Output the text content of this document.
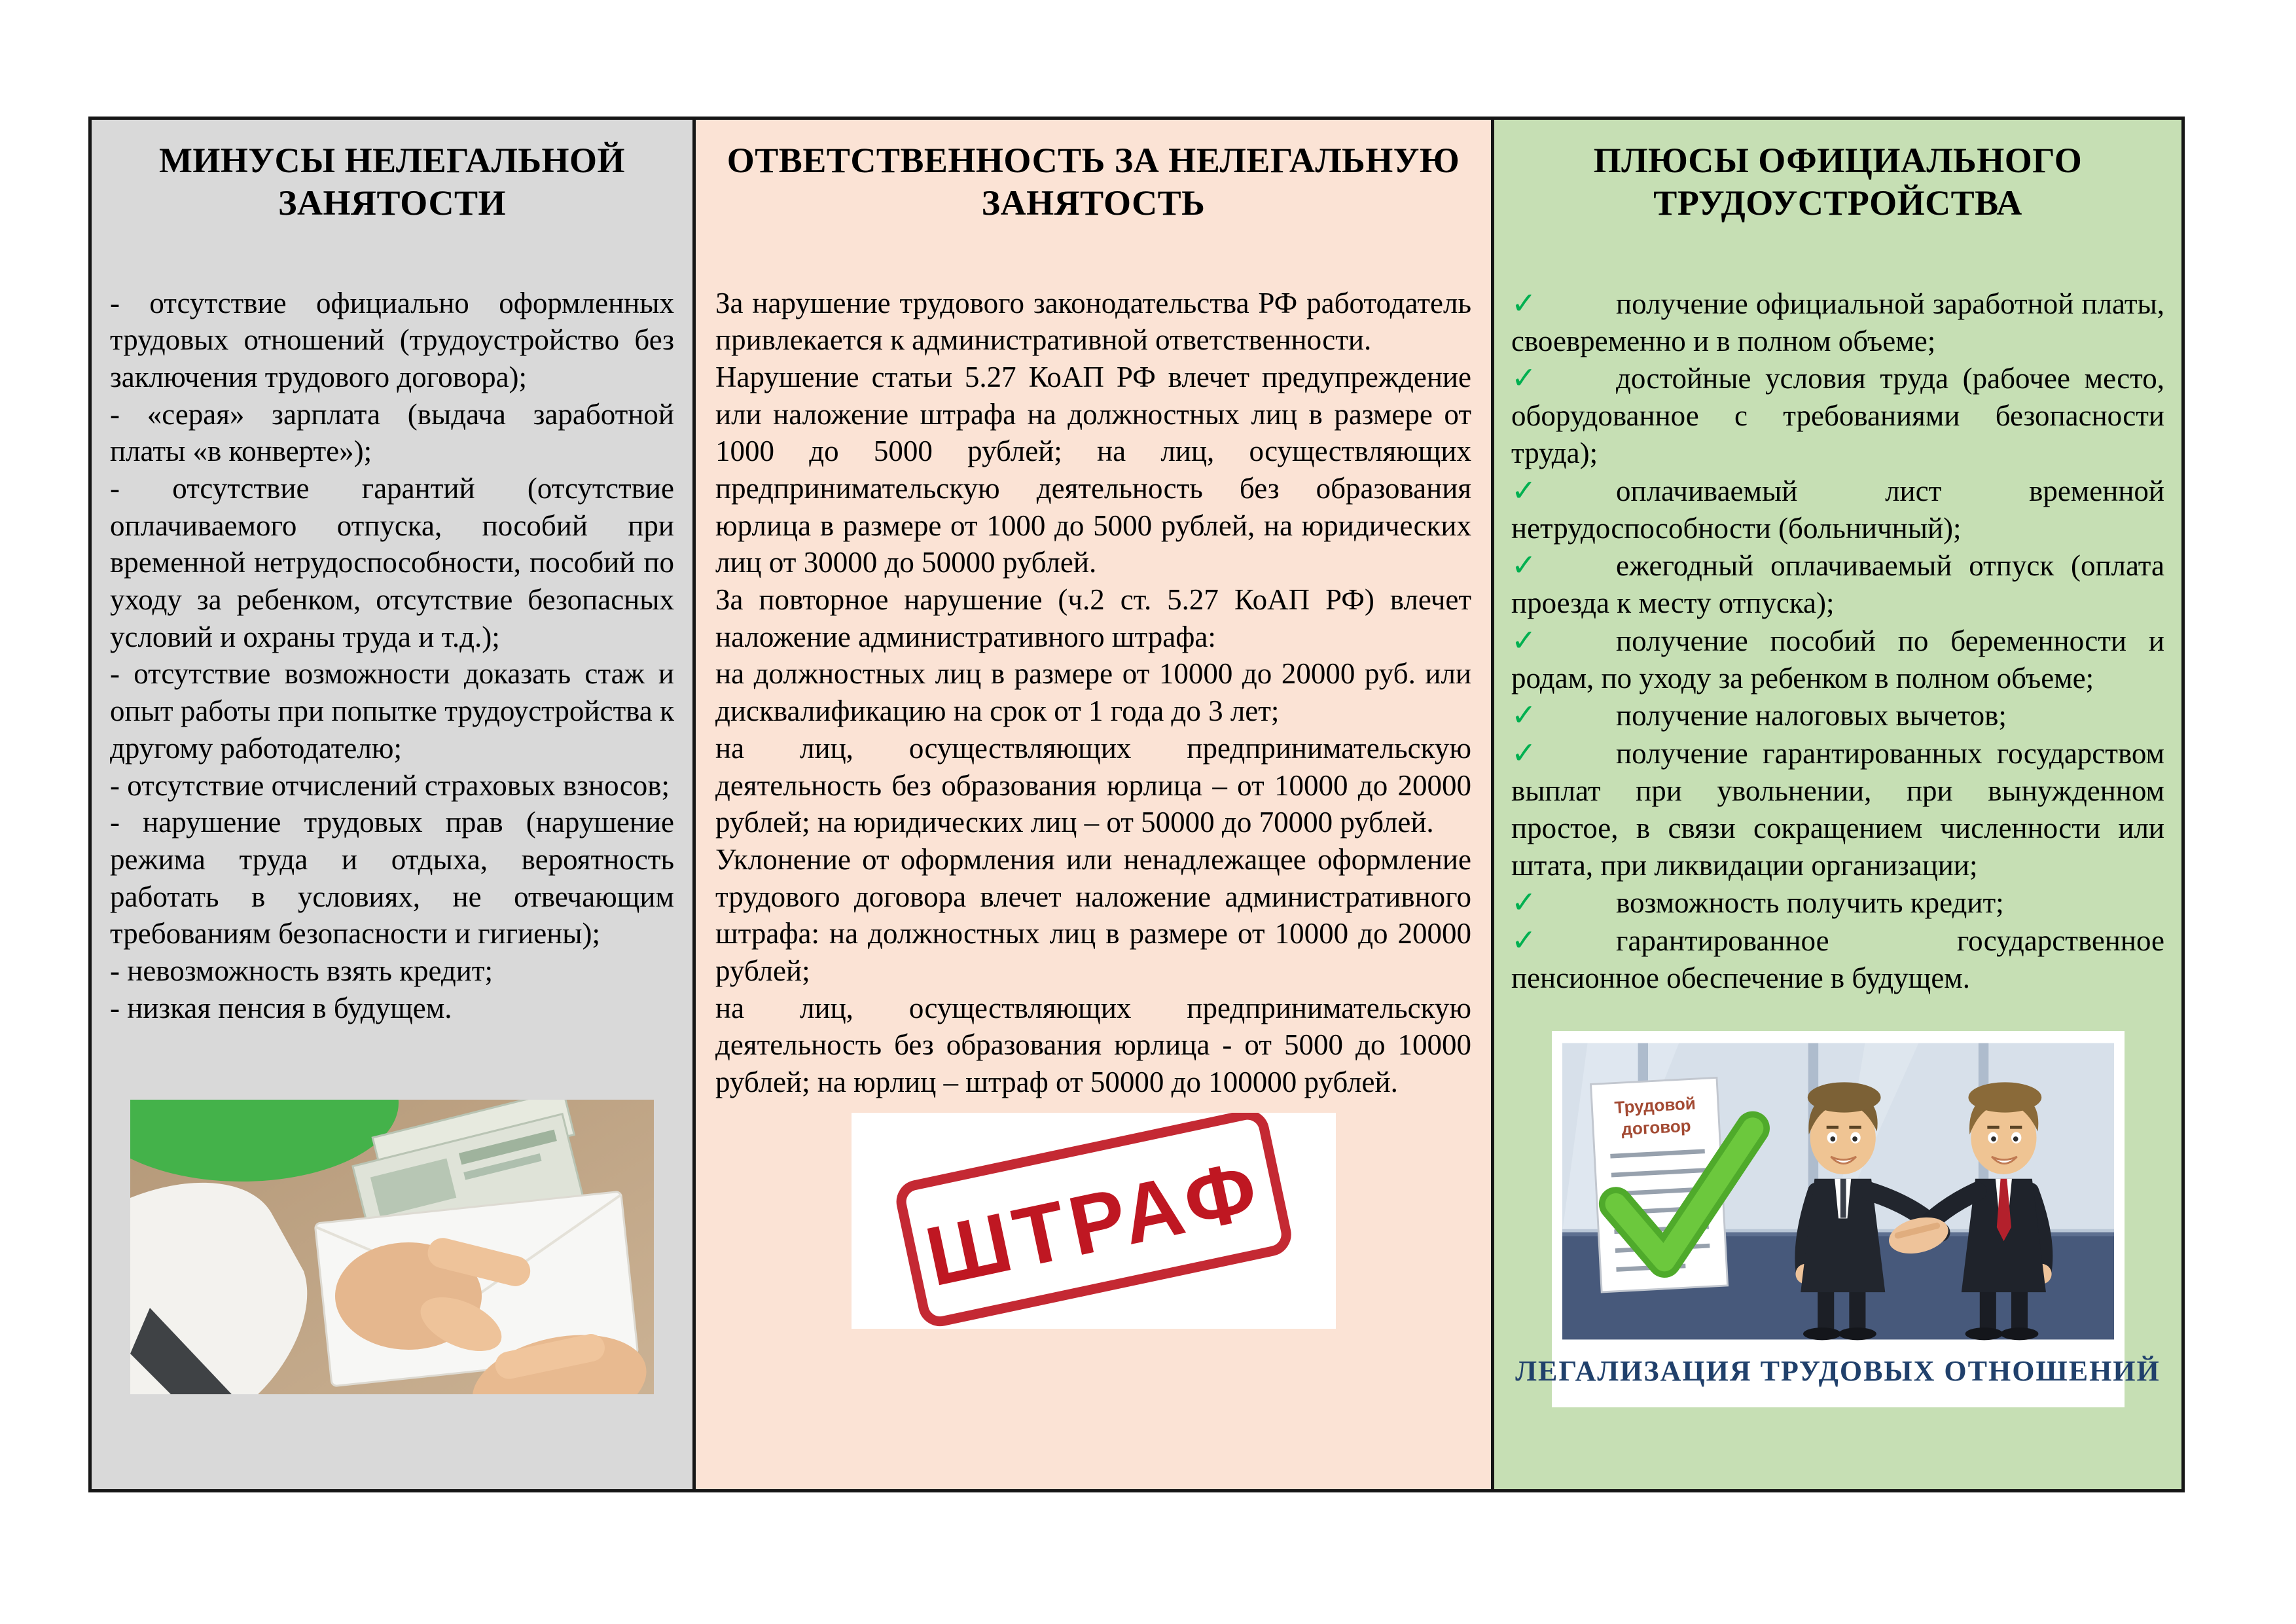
МИНУСЫ НЕЛЕГАЛЬНОЙ ЗАНЯТОСТИ

- отсутствие официально оформленных трудовых отношений (трудоустройство без заключения трудового договора);

- «серая» зарплата (выдача заработной платы «в конверте»);

- отсутствие гарантий (отсутствие оплачиваемого отпуска, пособий при временной нетрудоспособности, пособий по уходу за ребенком, отсутствие безопасных условий и охраны труда и т.д.);

- отсутствие возможности доказать стаж и опыт работы при попытке трудоустройства к другому работодателю;

- отсутствие отчислений страховых взносов;

- нарушение трудовых прав (нарушение режима труда и отдыха, вероятность работать в условиях, не отвечающим требованиям безопасности и гигиены);

- невозможность взять кредит;

- низкая пенсия в будущем.

ОТВЕТСТВЕННОСТЬ ЗА НЕЛЕГАЛЬНУЮ ЗАНЯТОСТЬ

За нарушение трудового законодательства РФ работодатель привлекается к административной ответственности.

Нарушение статьи 5.27 КоАП РФ влечет предупреждение или наложение штрафа на должностных лиц в размере от 1000 до 5000 рублей; на лиц, осуществляющих предпринимательскую деятельность без образования юрлица в размере от 1000 до 5000 рублей, на юридических лиц от 30000 до 50000 рублей.

За повторное нарушение (ч.2 ст. 5.27 КоАП РФ) влечет наложение административного штрафа:

на должностных лиц в размере от 10000 до 20000 руб. или дисквалификацию на срок от 1 года до 3 лет;

на лиц, осуществляющих предпринимательскую деятельность без образования юрлица – от 10000 до 20000 рублей; на юридических лиц – от 50000 до 70000 рублей.

Уклонение от оформления или ненадлежащее оформление трудового договора влечет наложение административного штрафа: на должностных лиц в размере от 10000 до 20000 рублей;

на лиц, осуществляющих предпринимательскую деятельность без образования юрлица - от 5000 до 10000 рублей; на юрлиц – штраф от 50000 до 100000 рублей.

ШТРАФ
ПЛЮСЫ ОФИЦИАЛЬНОГО ТРУДОУСТРОЙСТВА

✓	получение официальной заработной платы, своевременно и в полном объеме;

✓	достойные условия труда (рабочее место, оборудованное с требованиями безопасности труда);

✓	оплачиваемый лист временной нетрудоспособности (больничный);

✓	ежегодный оплачиваемый отпуск (оплата проезда к месту отпуска);

✓	получение пособий по беременности и родам, по уходу за ребенком в полном объеме;

✓	получение налоговых вычетов;

✓	получение гарантированных государством выплат при увольнении, при вынужденном простое, в связи сокращением численности или штата, при ликвидации организации;

✓	возможность получить кредит;

✓	гарантированное государственное пенсионное обеспечение в будущем.

Трудовой
договор
ЛЕГАЛИЗАЦИЯ ТРУДОВЫХ ОТНОШЕНИЙ
